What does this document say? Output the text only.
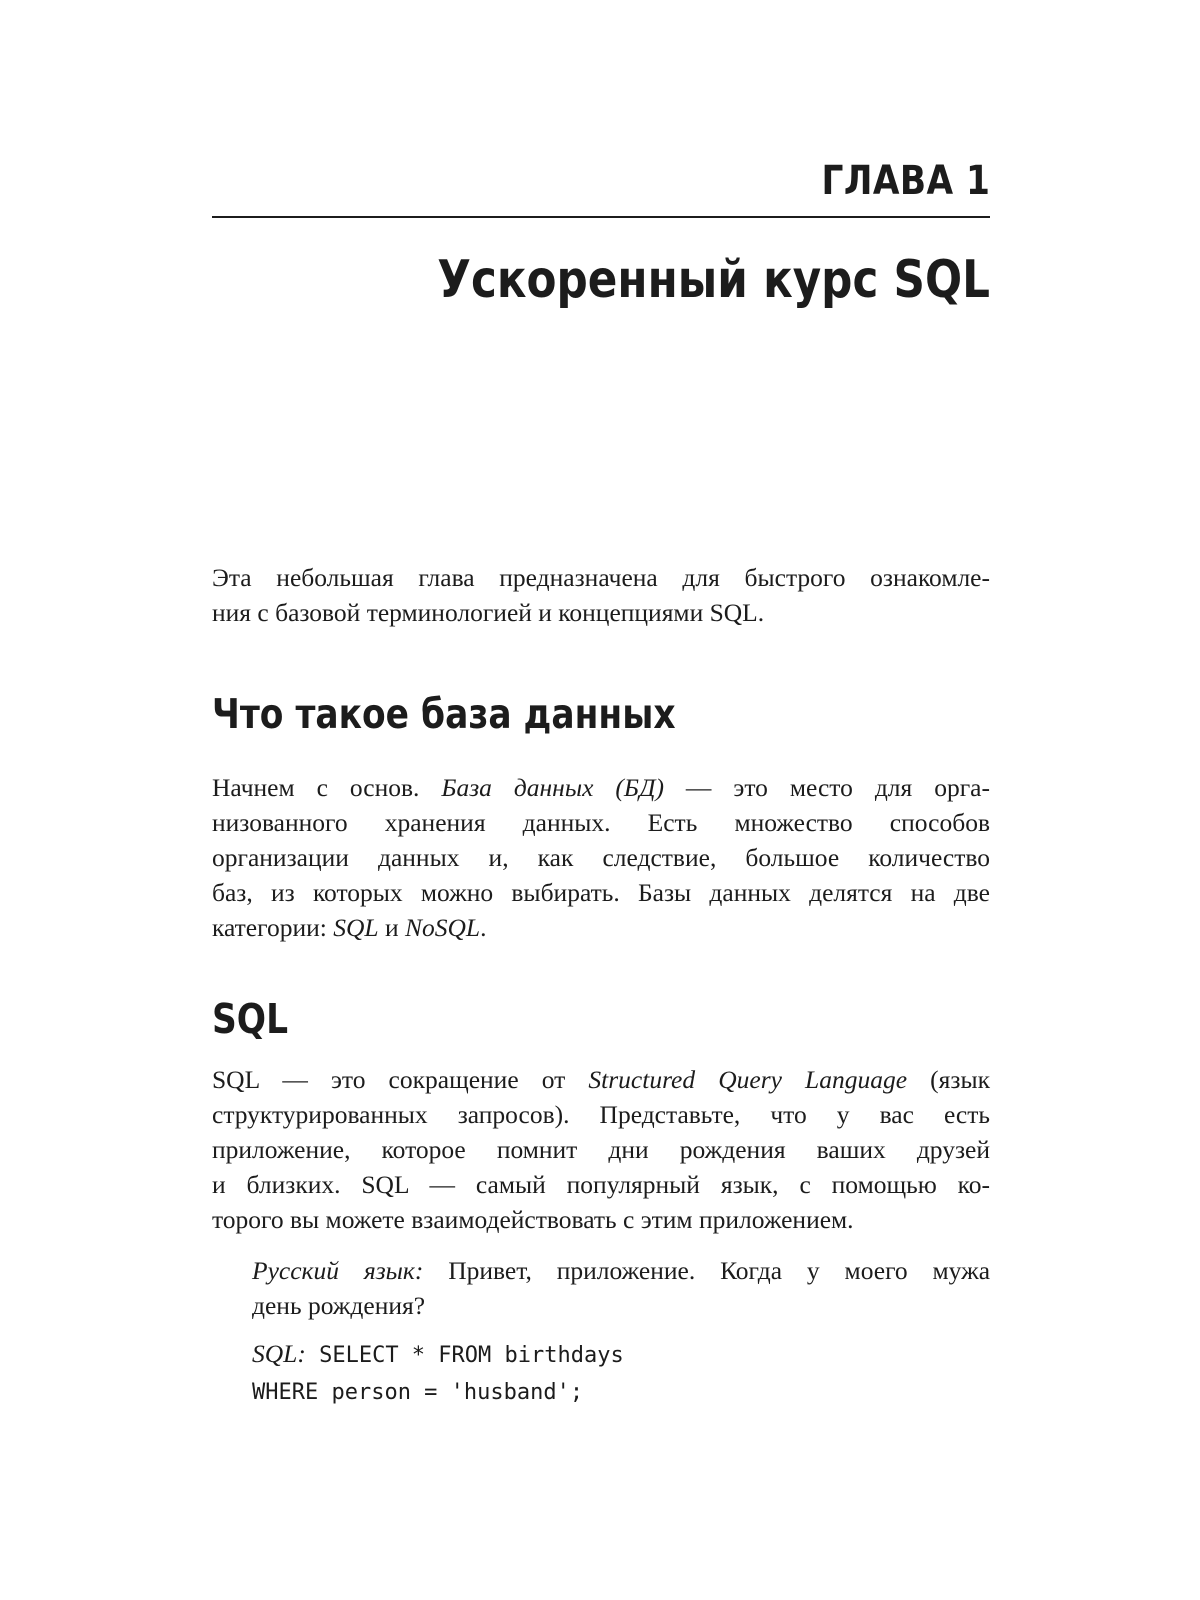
ГЛАВА 1
Ускоренный курс SQL

Эта небольшая глава предназначена для быстрого ознакомле-
ния с базовой терминологией и концепциями SQL.

Что такое база данных

Начнем с основ. База данных (БД) — это место для орга-
низованного хранения данных. Есть множество способов
организации данных и, как следствие, большое количество
баз, из которых можно выбирать. Базы данных делятся на две
категории: SQL и NoSQL.

SQL

SQL — это сокращение от Structured Query Language (язык
структурированных запросов). Представьте, что у вас есть
приложение, которое помнит дни рождения ваших друзей
и близких. SQL — самый популярный язык, с помощью ко-
торого вы можете взаимодействовать с этим приложением.

Русский язык: Привет, приложение. Когда у моего мужа
день рождения?
SQL: SELECT * FROM birthdays
WHERE person = 'husband';
